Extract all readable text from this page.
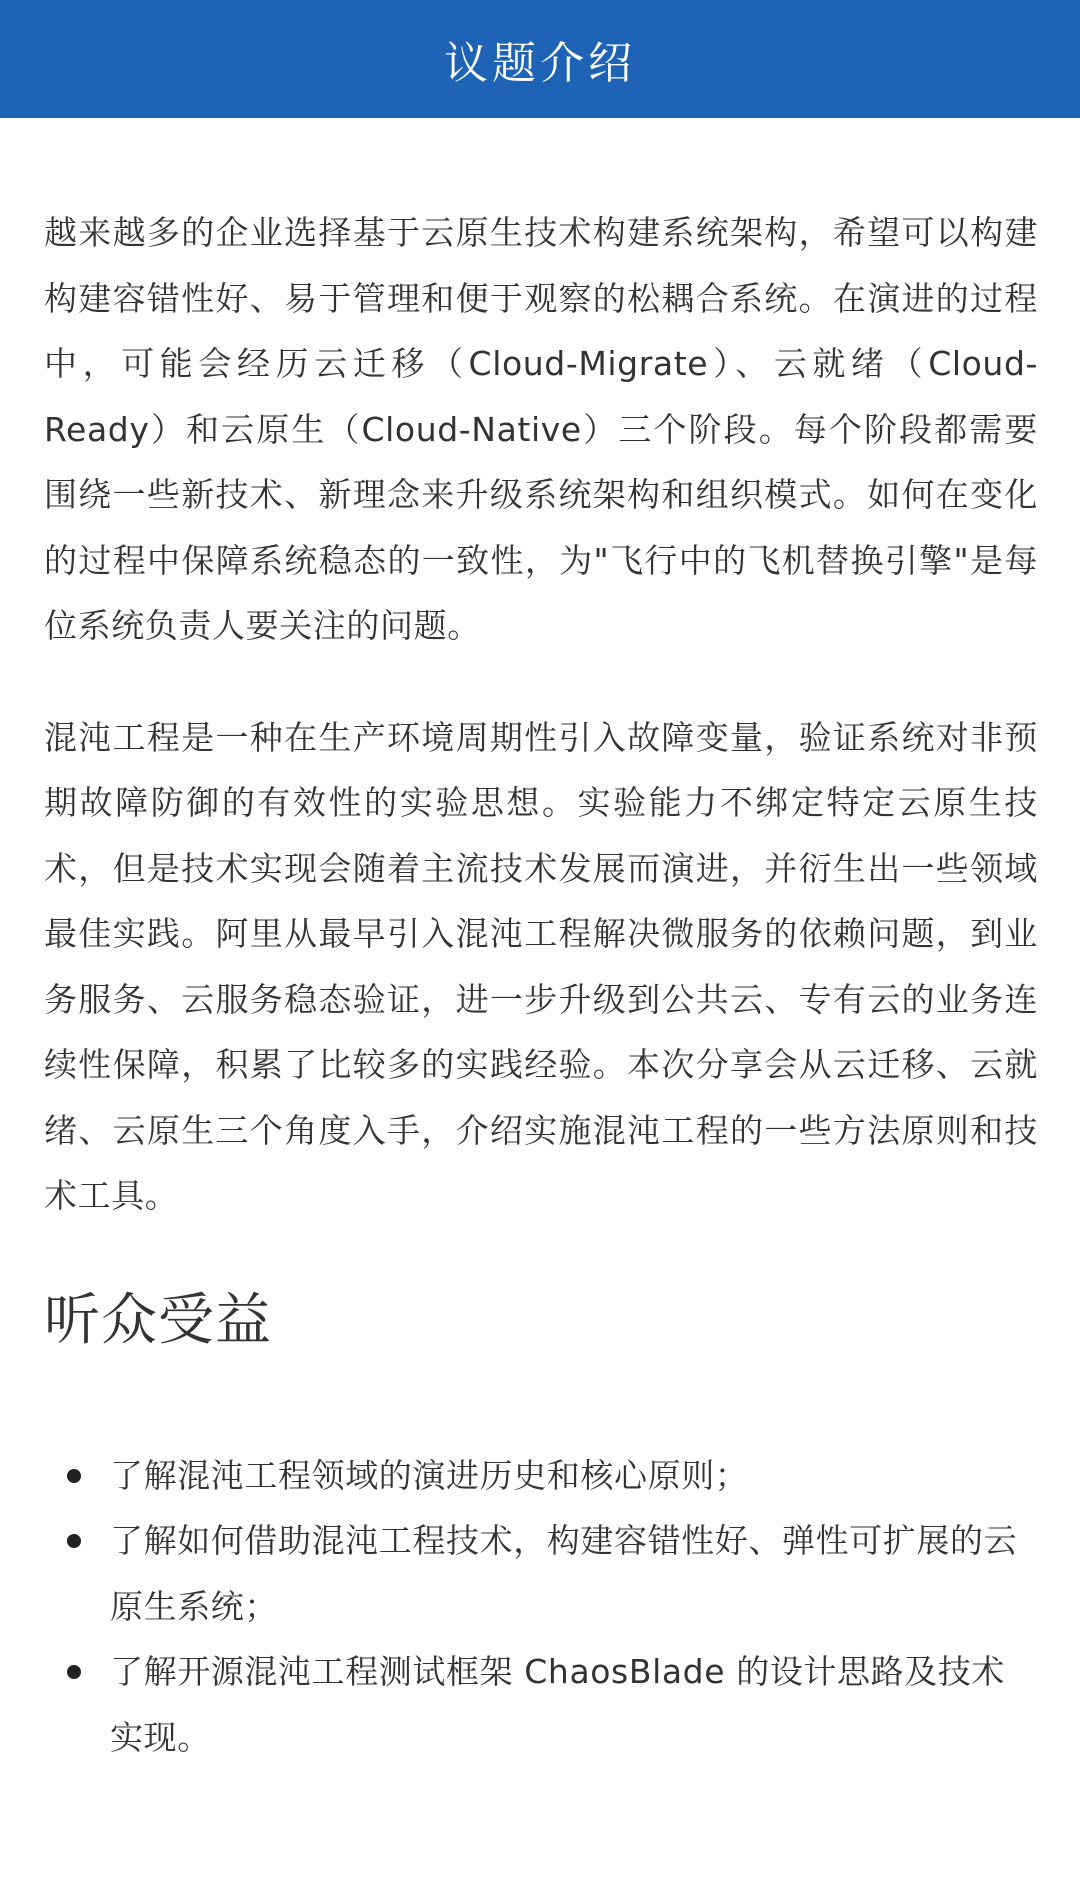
议题介绍

越来越多的企业选择基于云原生技术构建系统架构，希望可以构建构建容错性好、易于管理和便于观察的松耦合系统。在演进的过程中，可能会经历云迁移（Cloud-Migrate）、云就绪（Cloud-Ready）和云原生（Cloud-Native）三个阶段。每个阶段都需要围绕一些新技术、新理念来升级系统架构和组织模式。如何在变化的过程中保障系统稳态的一致性，为"飞行中的飞机替换引擎"是每位系统负责人要关注的问题。

混沌工程是一种在生产环境周期性引入故障变量，验证系统对非预期故障防御的有效性的实验思想。实验能力不绑定特定云原生技术，但是技术实现会随着主流技术发展而演进，并衍生出一些领域最佳实践。阿里从最早引入混沌工程解决微服务的依赖问题，到业务服务、云服务稳态验证，进一步升级到公共云、专有云的业务连续性保障，积累了比较多的实践经验。本次分享会从云迁移、云就绪、云原生三个角度入手，介绍实施混沌工程的一些方法原则和技术工具。

听众受益
了解混沌工程领域的演进历史和核心原则；
了解如何借助混沌工程技术，构建容错性好、弹性可扩展的云原生系统；
了解开源混沌工程测试框架 ChaosBlade 的设计思路及技术实现。
